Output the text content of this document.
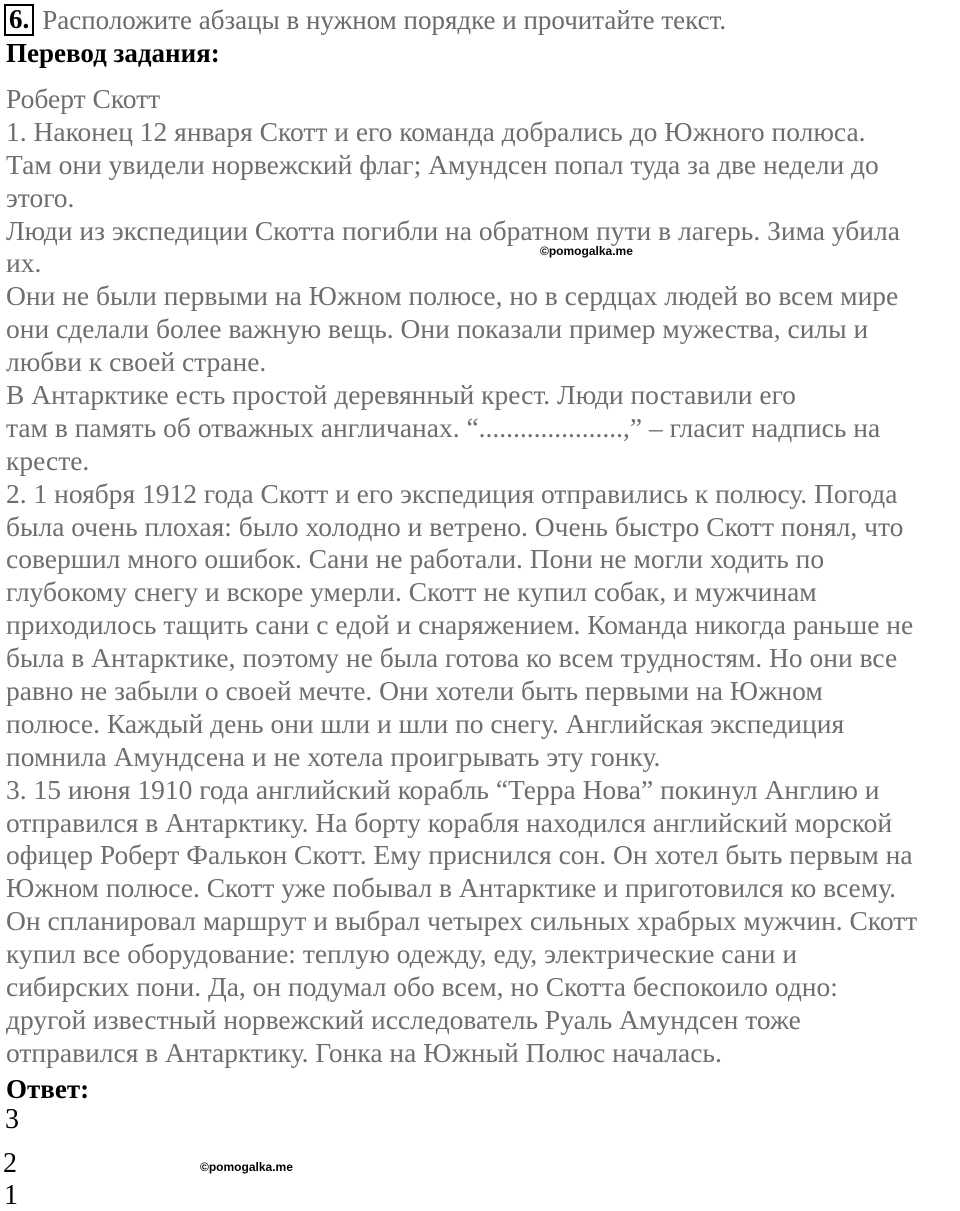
6. Расположите абзацы в нужном порядке и прочитайте текст.
Перевод задания:
Роберт Скотт
1. Наконец 12 января Скотт и его команда добрались до Южного полюса.
Там они увидели норвежский флаг; Амундсен попал туда за две недели до
этого.
Люди из экспедиции Скотта погибли на обратном пути в лагерь. Зима убила
их.
Они не были первыми на Южном полюсе, но в сердцах людей во всем мире
они сделали более важную вещь. Они показали пример мужества, силы и
любви к своей стране.
В Антарктике есть простой деревянный крест. Люди поставили его
там в память об отважных англичанах. “.....................,” – гласит надпись на
кресте.
2. 1 ноября 1912 года Скотт и его экспедиция отправились к полюсу. Погода
была очень плохая: было холодно и ветрено. Очень быстро Скотт понял, что
совершил много ошибок. Сани не работали. Пони не могли ходить по
глубокому снегу и вскоре умерли. Скотт не купил собак, и мужчинам
приходилось тащить сани с едой и снаряжением. Команда никогда раньше не
была в Антарктике, поэтому не была готова ко всем трудностям. Но они все
равно не забыли о своей мечте. Они хотели быть первыми на Южном
полюсе. Каждый день они шли и шли по снегу. Английская экспедиция
помнила Амундсена и не хотела проигрывать эту гонку.
3. 15 июня 1910 года английский корабль “Терра Нова” покинул Англию и
отправился в Антарктику. На борту корабля находился английский морской
офицер Роберт Фалькон Скотт. Ему приснился сон. Он хотел быть первым на
Южном полюсе. Скотт уже побывал в Антарктике и приготовился ко всему.
Он спланировал маршрут и выбрал четырех сильных храбрых мужчин. Скотт
купил все оборудование: теплую одежду, еду, электрические сани и
сибирских пони. Да, он подумал обо всем, но Скотта беспокоило одно:
другой известный норвежский исследователь Руаль Амундсен тоже
отправился в Антарктику. Гонка на Южный Полюс началась.
©pomogalka.me
Ответ:
3
2
1
©pomogalka.me
